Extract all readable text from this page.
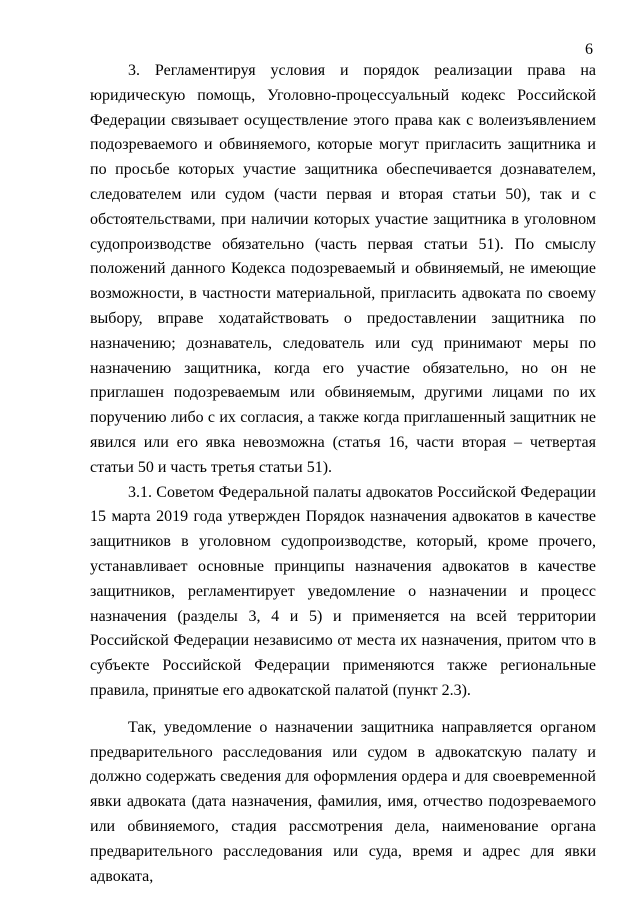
6

3. Регламентируя условия и порядок реализации права на юридическую помощь, Уголовно-процессуальный кодекс Российской Федерации связывает осуществление этого права как с волеизъявлением подозреваемого и обвиняемого, которые могут пригласить защитника и по просьбе которых участие защитника обеспечивается дознавателем, следователем или судом (части первая и вторая статьи 50), так и с обстоятельствами, при наличии которых участие защитника в уголовном судопроизводстве обязательно (часть первая статьи 51). По смыслу положений данного Кодекса подозреваемый и обвиняемый, не имеющие возможности, в частности материальной, пригласить адвоката по своему выбору, вправе ходатайствовать о предоставлении защитника по назначению; дознаватель, следователь или суд принимают меры по назначению защитника, когда его участие обязательно, но он не приглашен подозреваемым или обвиняемым, другими лицами по их поручению либо с их согласия, а также когда приглашенный защитник не явился или его явка невозможна (статья 16, части вторая – четвертая статьи 50 и часть третья статьи 51).

3.1. Советом Федеральной палаты адвокатов Российской Федерации 15 марта 2019 года утвержден Порядок назначения адвокатов в качестве защитников в уголовном судопроизводстве, который, кроме прочего, устанавливает основные принципы назначения адвокатов в качестве защитников, регламентирует уведомление о назначении и процесс назначения (разделы 3, 4 и 5) и применяется на всей территории Российской Федерации независимо от места их назначения, притом что в субъекте Российской Федерации применяются также региональные правила, принятые его адвокатской палатой (пункт 2.3).

Так, уведомление о назначении защитника направляется органом предварительного расследования или судом в адвокатскую палату и должно содержать сведения для оформления ордера и для своевременной явки адвоката (дата назначения, фамилия, имя, отчество подозреваемого или обвиняемого, стадия рассмотрения дела, наименование органа предварительного расследования или суда, время и адрес для явки адвоката,
